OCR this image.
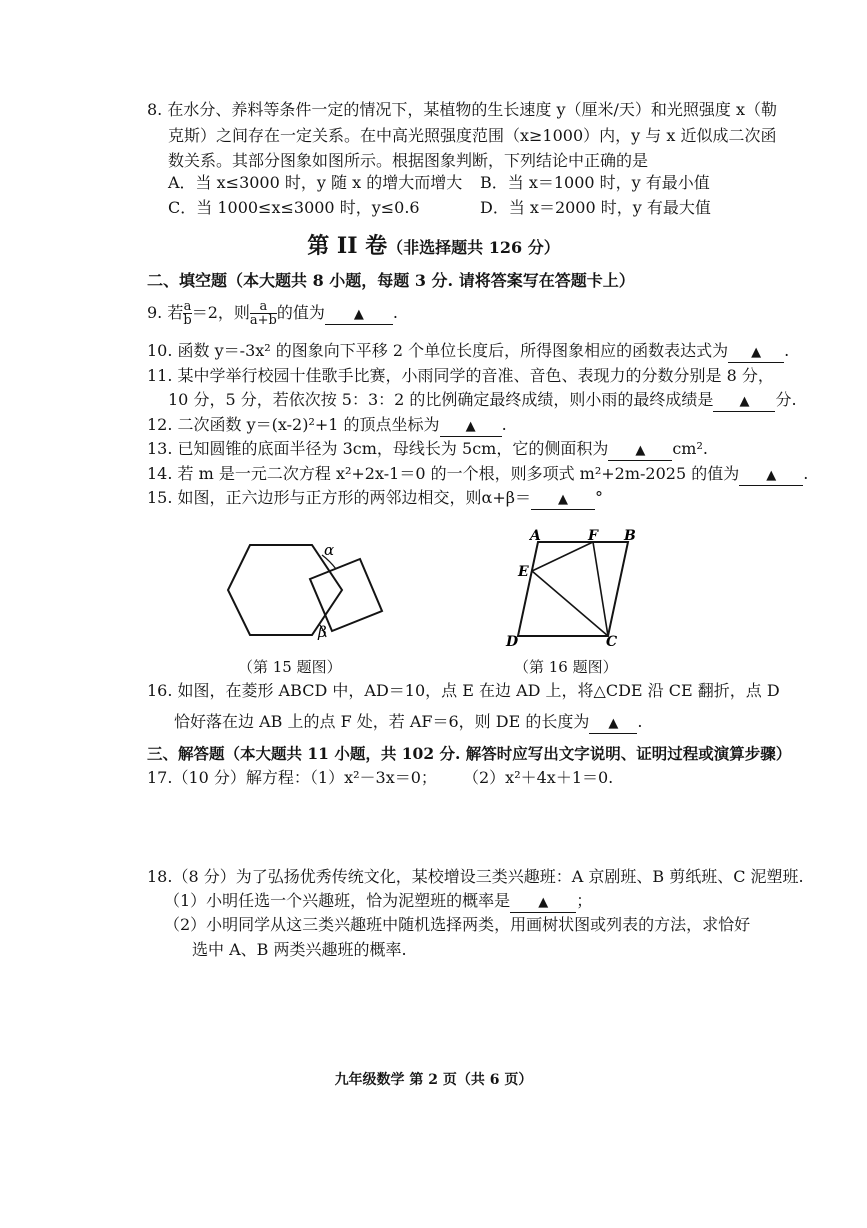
8. 在水分、养料等条件一定的情况下，某植物的生长速度 y（厘米/天）和光照强度 x（勒
克斯）之间存在一定关系。在中高光照强度范围（x≥1000）内，y 与 x 近似成二次函
数关系。其部分图象如图所示。根据图象判断，下列结论中正确的是
A．当 x≤3000 时，y 随 x 的增大而增大 B．当 x＝1000 时，y 有最小值
C．当 1000≤x≤3000 时，y≤0.6	D．当 x＝2000 时，y 有最大值
第 II 卷（非选择题共 126 分）
二、填空题（本大题共 8 小题，每题 3 分. 请将答案写在答题卡上）
9. 若 $\frac{a}{b} =2$，则 $\frac{a}{a+b}$ 的值为 ▲ .
10. 函数 y＝-3x² 的图象向下平移 2 个单位长度后，所得图象相应的函数表达式为 ▲ .
11. 某中学举行校园十佳歌手比赛，小雨同学的音准、音色、表现力的分数分别是 8 分，
10 分，5 分，若依次按 5：3：2 的比例确定最终成绩，则小雨的最终成绩是 ▲ 分.
12. 二次函数 y＝(x-2)²+1 的顶点坐标为 ▲ .
13. 已知圆锥的底面半径为 3cm，母线长为 5cm，它的侧面积为 ▲ cm².
14. 若 m 是一元二次方程 x²+2x-1＝0 的一个根，则多项式 m²+2m-2025 的值为 ▲ .
15. 如图，正六边形与正方形的两邻边相交，则α+β＝ ▲ °
α
β
（第 15 题图）
A	F B
E
D	C
（第 16 题图）
16. 如图，在菱形 ABCD 中，AD＝10，点 E 在边 AD 上，将△CDE 沿 CE 翻折，点 D
恰好落在边 AB 上的点 F 处，若 AF＝6，则 DE 的长度为 ▲ .
三、解答题（本大题共 11 小题，共 102 分. 解答时应写出文字说明、证明过程或演算步骤）
17.（10 分）解方程：（1）x²－3x＝0； （2）x²＋4x＋1＝0.
18.（8 分）为了弘扬优秀传统文化，某校增设三类兴趣班：A 京剧班、B 剪纸班、C 泥塑班.
（1）小明任选一个兴趣班，恰为泥塑班的概率是 ▲ ；
（2）小明同学从这三类兴趣班中随机选择两类，用画树状图或列表的方法，求恰好
选中 A、B 两类兴趣班的概率.
九年级数学 第 2 页（共 6 页）
